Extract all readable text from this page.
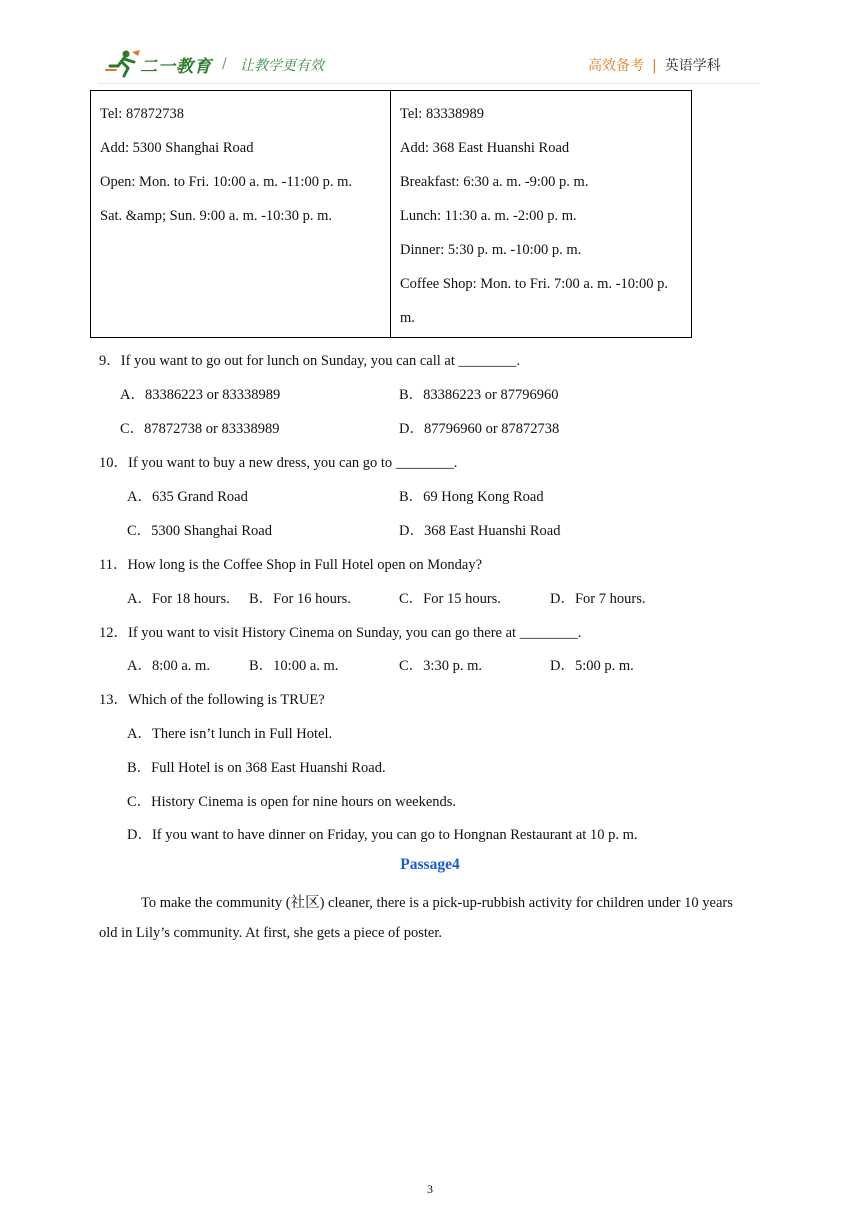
二一教育 / 让教学更有效	高效备考 | 英语学科
Tel: 87872738
Add: 5300 Shanghai Road
Open: Mon. to Fri. 10:00 a. m. -11:00 p. m.
Sat. &amp; Sun. 9:00 a. m. -10:30 p. m.
Tel: 83338989
Add: 368 East Huanshi Road
Breakfast: 6:30 a. m. -9:00 p. m.
Lunch: 11:30 a. m. -2:00 p. m.
Dinner: 5:30 p. m. -10:00 p. m.
Coffee Shop: Mon. to Fri. 7:00 a. m. -10:00 p.
m.
9．If you want to go out for lunch on Sunday, you can call at ________.
A．83386223 or 83338989	B．83386223 or 87796960
C．87872738 or 83338989	D．87796960 or 87872738
10．If you want to buy a new dress, you can go to ________.
A．635 Grand Road	B．69 Hong Kong Road
C．5300 Shanghai Road	D．368 East Huanshi Road
11．How long is the Coffee Shop in Full Hotel open on Monday?
A．For 18 hours. B．For 16 hours.	C．For 15 hours.	D．For 7 hours.
12．If you want to visit History Cinema on Sunday, you can go there at ________.
A．8:00 a. m.	B．10:00 a. m.	C．3:30 p. m.	D．5:00 p. m.
13．Which of the following is TRUE?
A．There isn’t lunch in Full Hotel.
B．Full Hotel is on 368 East Huanshi Road.
C．History Cinema is open for nine hours on weekends.
D．If you want to have dinner on Friday, you can go to Hongnan Restaurant at 10 p. m.
Passage4
To make the community (社区) cleaner, there is a pick-up-rubbish activity for children under 10 years
old in Lily’s community. At first, she gets a piece of poster.
3
